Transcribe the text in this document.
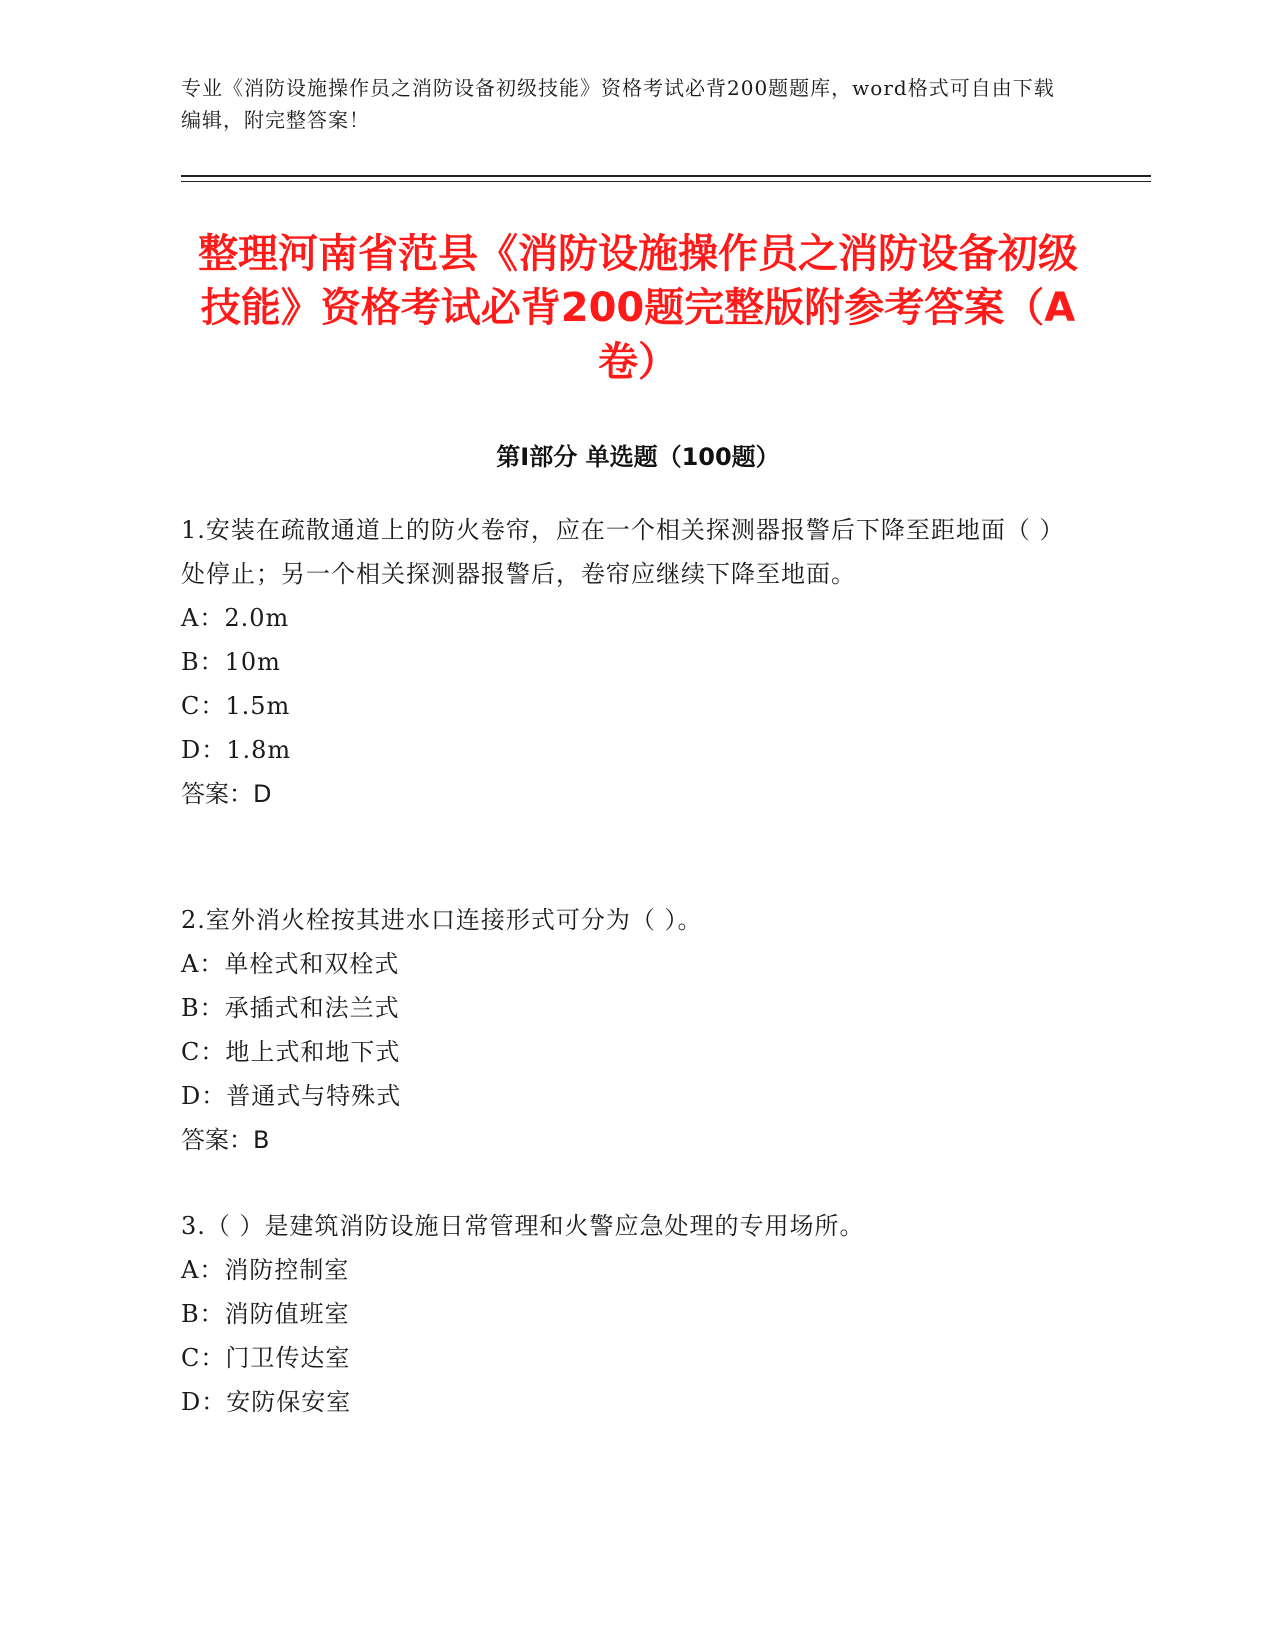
专业《消防设施操作员之消防设备初级技能》资格考试必背200题题库，word格式可自由下载编辑，附完整答案！
整理河南省范县《消防设施操作员之消防设备初级技能》资格考试必背200题完整版附参考答案（A卷）
第I部分 单选题（100题）

1.安装在疏散通道上的防火卷帘，应在一个相关探测器报警后下降至距地面（ ）处停止；另一个相关探测器报警后，卷帘应继续下降至地面。

A：2.0m

B：10m

C：1.5m

D：1.8m

答案：D

2.室外消火栓按其进水口连接形式可分为（ ）。

A：单栓式和双栓式

B：承插式和法兰式

C：地上式和地下式

D：普通式与特殊式

答案：B

3.（ ）是建筑消防设施日常管理和火警应急处理的专用场所。

A：消防控制室

B：消防值班室

C：门卫传达室

D：安防保安室
